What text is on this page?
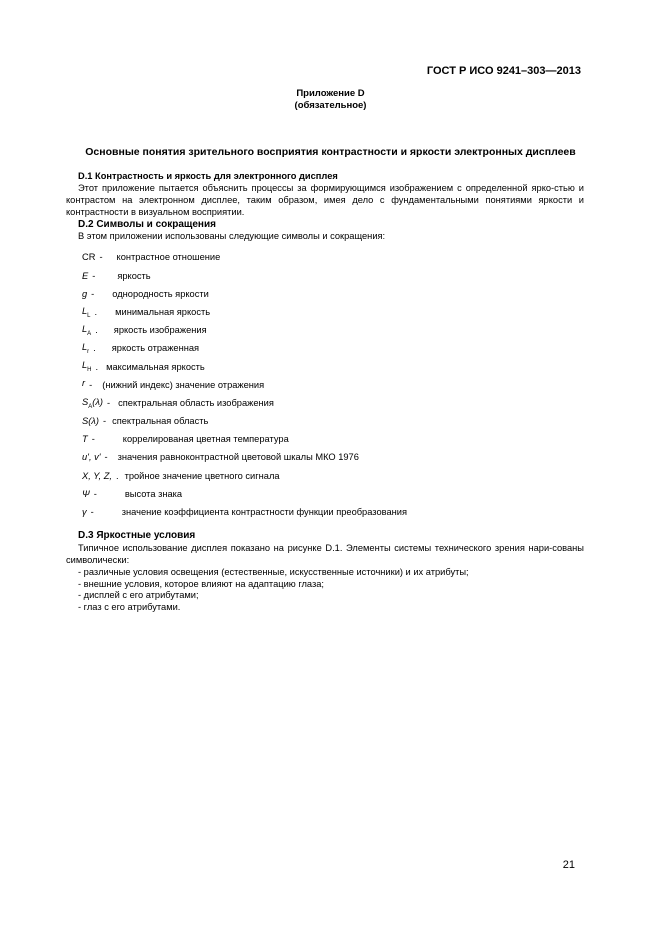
ГОСТ Р ИСО 9241–303—2013
Приложение D
(обязательное)
Основные понятия зрительного восприятия контрастности и яркости электронных дисплеев
D.1 Контрастность и яркость для электронного дисплея

Этот приложение пытается объяснить процессы за формирующимся изображением с определенной ярко-стью и контрастом на электронном дисплее, таким образом, имея дело с фундаментальными понятиями яркости и контрастности в визуальном восприятии.

D.2 Символы и сокращения

В этом приложении использованы следующие символы и сокращения:

CR - контрастное отношение
E - яркость
g - однородность яркости
$L_L$ . минимальная яркость
$L_A$ . яркость изображения
$L_r$ . яркость отраженная
$L_H$ . максимальная яркость
r - (нижний индекс) значение отражения
$S_A(\lambda)$ - спектральная область изображения
S(λ) - спектральная область
T -	коррелированая цветная температура
u', v' - значения равноконтрастной цветовой шкалы МКО 1976
X, Y, Z, . тройное значение цветного сигнала
Ψ -	высота знака
γ -	значение коэффициента контрастности функции преобразования
D.3 Яркостные условия

Типичное использование дисплея показано на рисунке D.1. Элементы системы технического зрения нари-сованы символически:

- различные условия освещения (естественные, искусственные источники) и их атрибуты;
- внешние условия, которое влияют на адаптацию глаза;
- дисплей с его атрибутами;
- глаз с его атрибутами.
21
